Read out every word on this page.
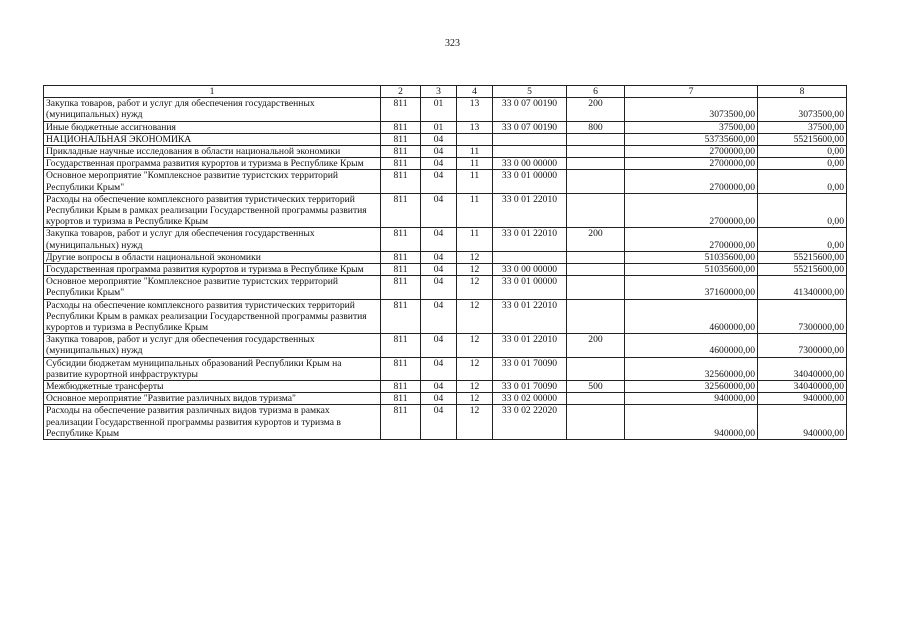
323
1	2	3	4	5	6	7	8
Закупка товаров, работ и услуг для обеспечения государственных (муниципальных) нужд	811	01	13	33 0 07 00190	200	3073500,00	3073500,00
Иные бюджетные ассигнования	811	01	13	33 0 07 00190	800	37500,00	37500,00
НАЦИОНАЛЬНАЯ ЭКОНОМИКА	811	04				53735600,00	55215600,00
Прикладные научные исследования в области национальной экономики	811	04	11			2700000,00	0,00
Государственная программа развития курортов и туризма в Республике Крым	811	04	11	33 0 00 00000		2700000,00	0,00
Основное мероприятие "Комплексное развитие туристских территорий Республики Крым"	811	04	11	33 0 01 00000		2700000,00	0,00
Расходы на обеспечение комплексного развития туристических территорий Республики Крым в рамках реализации Государственной программы развития курортов и туризма в Республике Крым	811	04	11	33 0 01 22010		2700000,00	0,00
Закупка товаров, работ и услуг для обеспечения государственных (муниципальных) нужд	811	04	11	33 0 01 22010	200	2700000,00	0,00
Другие вопросы в области национальной экономики	811	04	12			51035600,00	55215600,00
Государственная программа развития курортов и туризма в Республике Крым	811	04	12	33 0 00 00000		51035600,00	55215600,00
Основное мероприятие "Комплексное развитие туристских территорий Республики Крым"	811	04	12	33 0 01 00000		37160000,00	41340000,00
Расходы на обеспечение комплексного развития туристических территорий Республики Крым в рамках реализации Государственной программы развития курортов и туризма в Республике Крым	811	04	12	33 0 01 22010		4600000,00	7300000,00
Закупка товаров, работ и услуг для обеспечения государственных (муниципальных) нужд	811	04	12	33 0 01 22010	200	4600000,00	7300000,00
Субсидии бюджетам муниципальных образований Республики Крым на развитие курортной инфраструктуры	811	04	12	33 0 01 70090		32560000,00	34040000,00
Межбюджетные трансферты	811	04	12	33 0 01 70090	500	32560000,00	34040000,00
Основное мероприятие "Развитие различных видов туризма"	811	04	12	33 0 02 00000		940000,00	940000,00
Расходы на обеспечение развития различных видов туризма в рамках реализации Государственной программы развития курортов и туризма в Республике Крым	811	04	12	33 0 02 22020		940000,00	940000,00
